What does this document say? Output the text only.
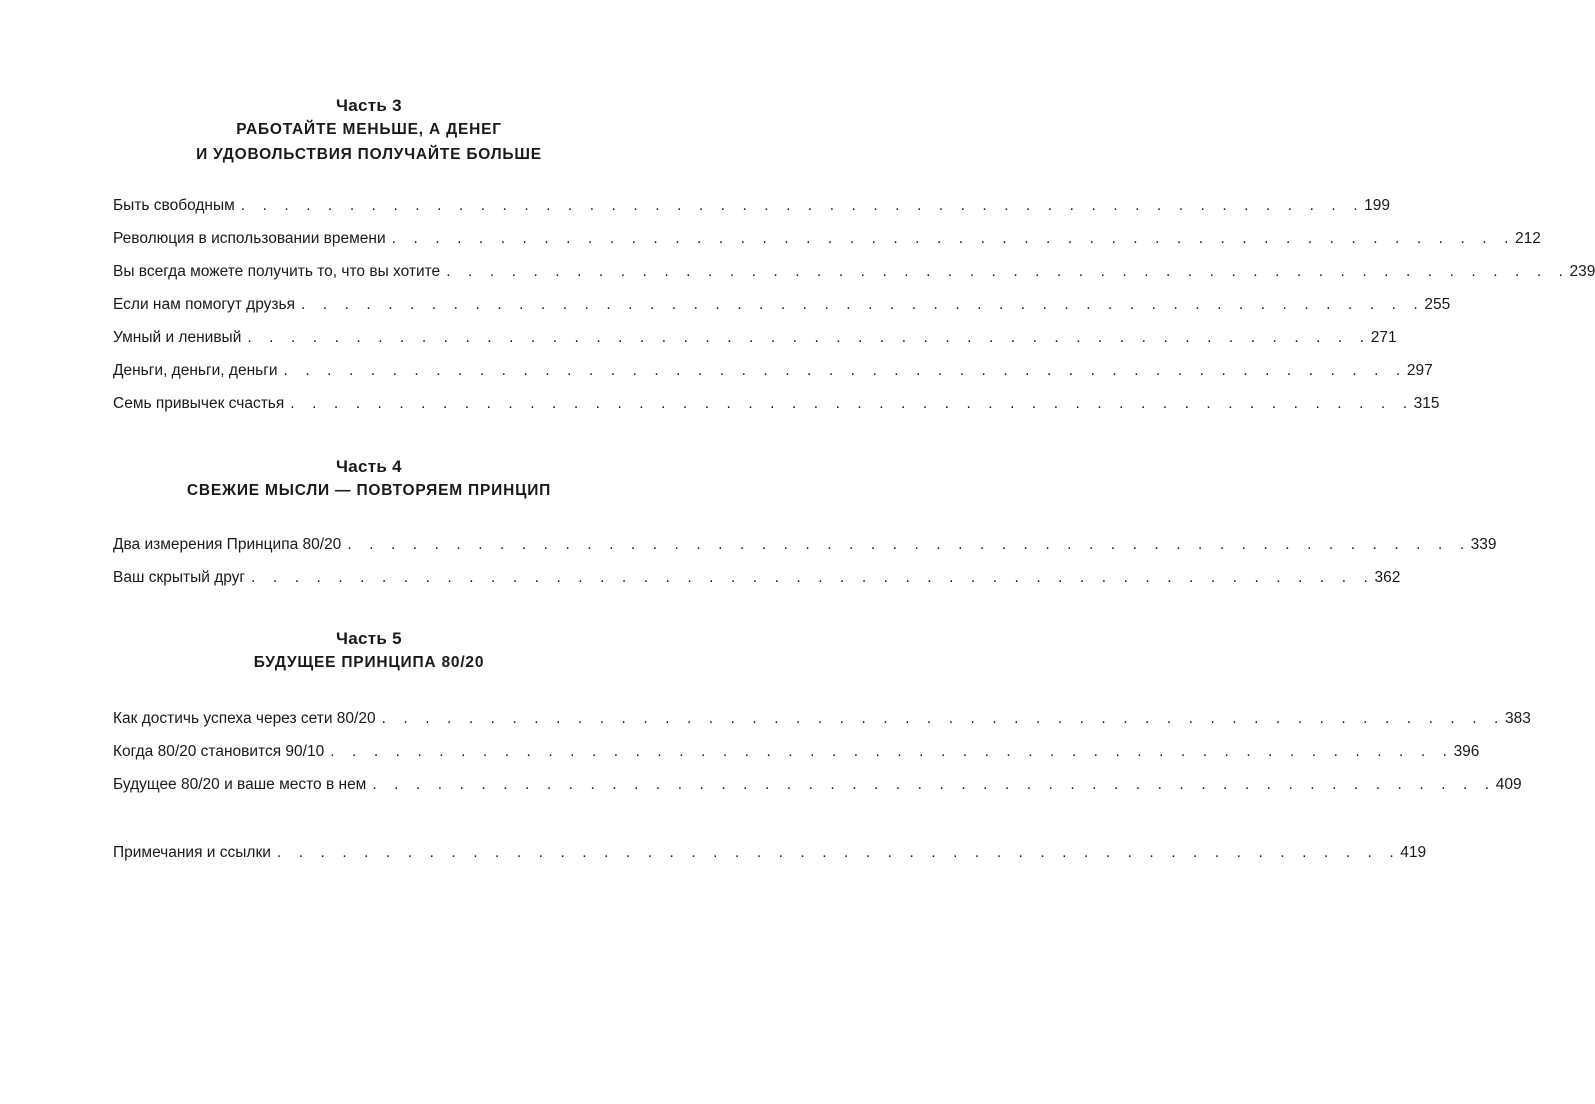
Часть 3
РАБОТАЙТЕ МЕНЬШЕ, А ДЕНЕГ
И УДОВОЛЬСТВИЯ ПОЛУЧАЙТЕ БОЛЬШЕ
Быть свободным . . . . . . . . . . . . . . . . . . . . . . . . . . . . . . . . . . . . . . . . . . . . . . . . . . . . 199
Революция в использовании времени . . . . . . . . . . . . . . . . . . . . . . . . . . . . . . . . . . . . . . . . . . . . . . . . . . . . 212
Вы всегда можете получить то, что вы хотите . . . . . . . . . . . . . . . . . . . . . . . . . . . . . . . . . . . . . . . . . . . . . . . . . . . . 239
Если нам помогут друзья . . . . . . . . . . . . . . . . . . . . . . . . . . . . . . . . . . . . . . . . . . . . . . . . . . . . 255
Умный и ленивый . . . . . . . . . . . . . . . . . . . . . . . . . . . . . . . . . . . . . . . . . . . . . . . . . . . . 271
Деньги, деньги, деньги . . . . . . . . . . . . . . . . . . . . . . . . . . . . . . . . . . . . . . . . . . . . . . . . . . . . 297
Семь привычек счастья . . . . . . . . . . . . . . . . . . . . . . . . . . . . . . . . . . . . . . . . . . . . . . . . . . . . 315
Часть 4
СВЕЖИЕ МЫСЛИ — ПОВТОРЯЕМ ПРИНЦИП
Два измерения Принципа 80/20 . . . . . . . . . . . . . . . . . . . . . . . . . . . . . . . . . . . . . . . . . . . . . . . . . . . . 339
Ваш скрытый друг . . . . . . . . . . . . . . . . . . . . . . . . . . . . . . . . . . . . . . . . . . . . . . . . . . . . 362
Часть 5
БУДУЩЕЕ ПРИНЦИПА 80/20
Как достичь успеха через сети 80/20 . . . . . . . . . . . . . . . . . . . . . . . . . . . . . . . . . . . . . . . . . . . . . . . . . . . . 383
Когда 80/20 становится 90/10 . . . . . . . . . . . . . . . . . . . . . . . . . . . . . . . . . . . . . . . . . . . . . . . . . . . . 396
Будущее 80/20 и ваше место в нем . . . . . . . . . . . . . . . . . . . . . . . . . . . . . . . . . . . . . . . . . . . . . . . . . . . . 409
Примечания и ссылки . . . . . . . . . . . . . . . . . . . . . . . . . . . . . . . . . . . . . . . . . . . . . . . . . . . . 419
